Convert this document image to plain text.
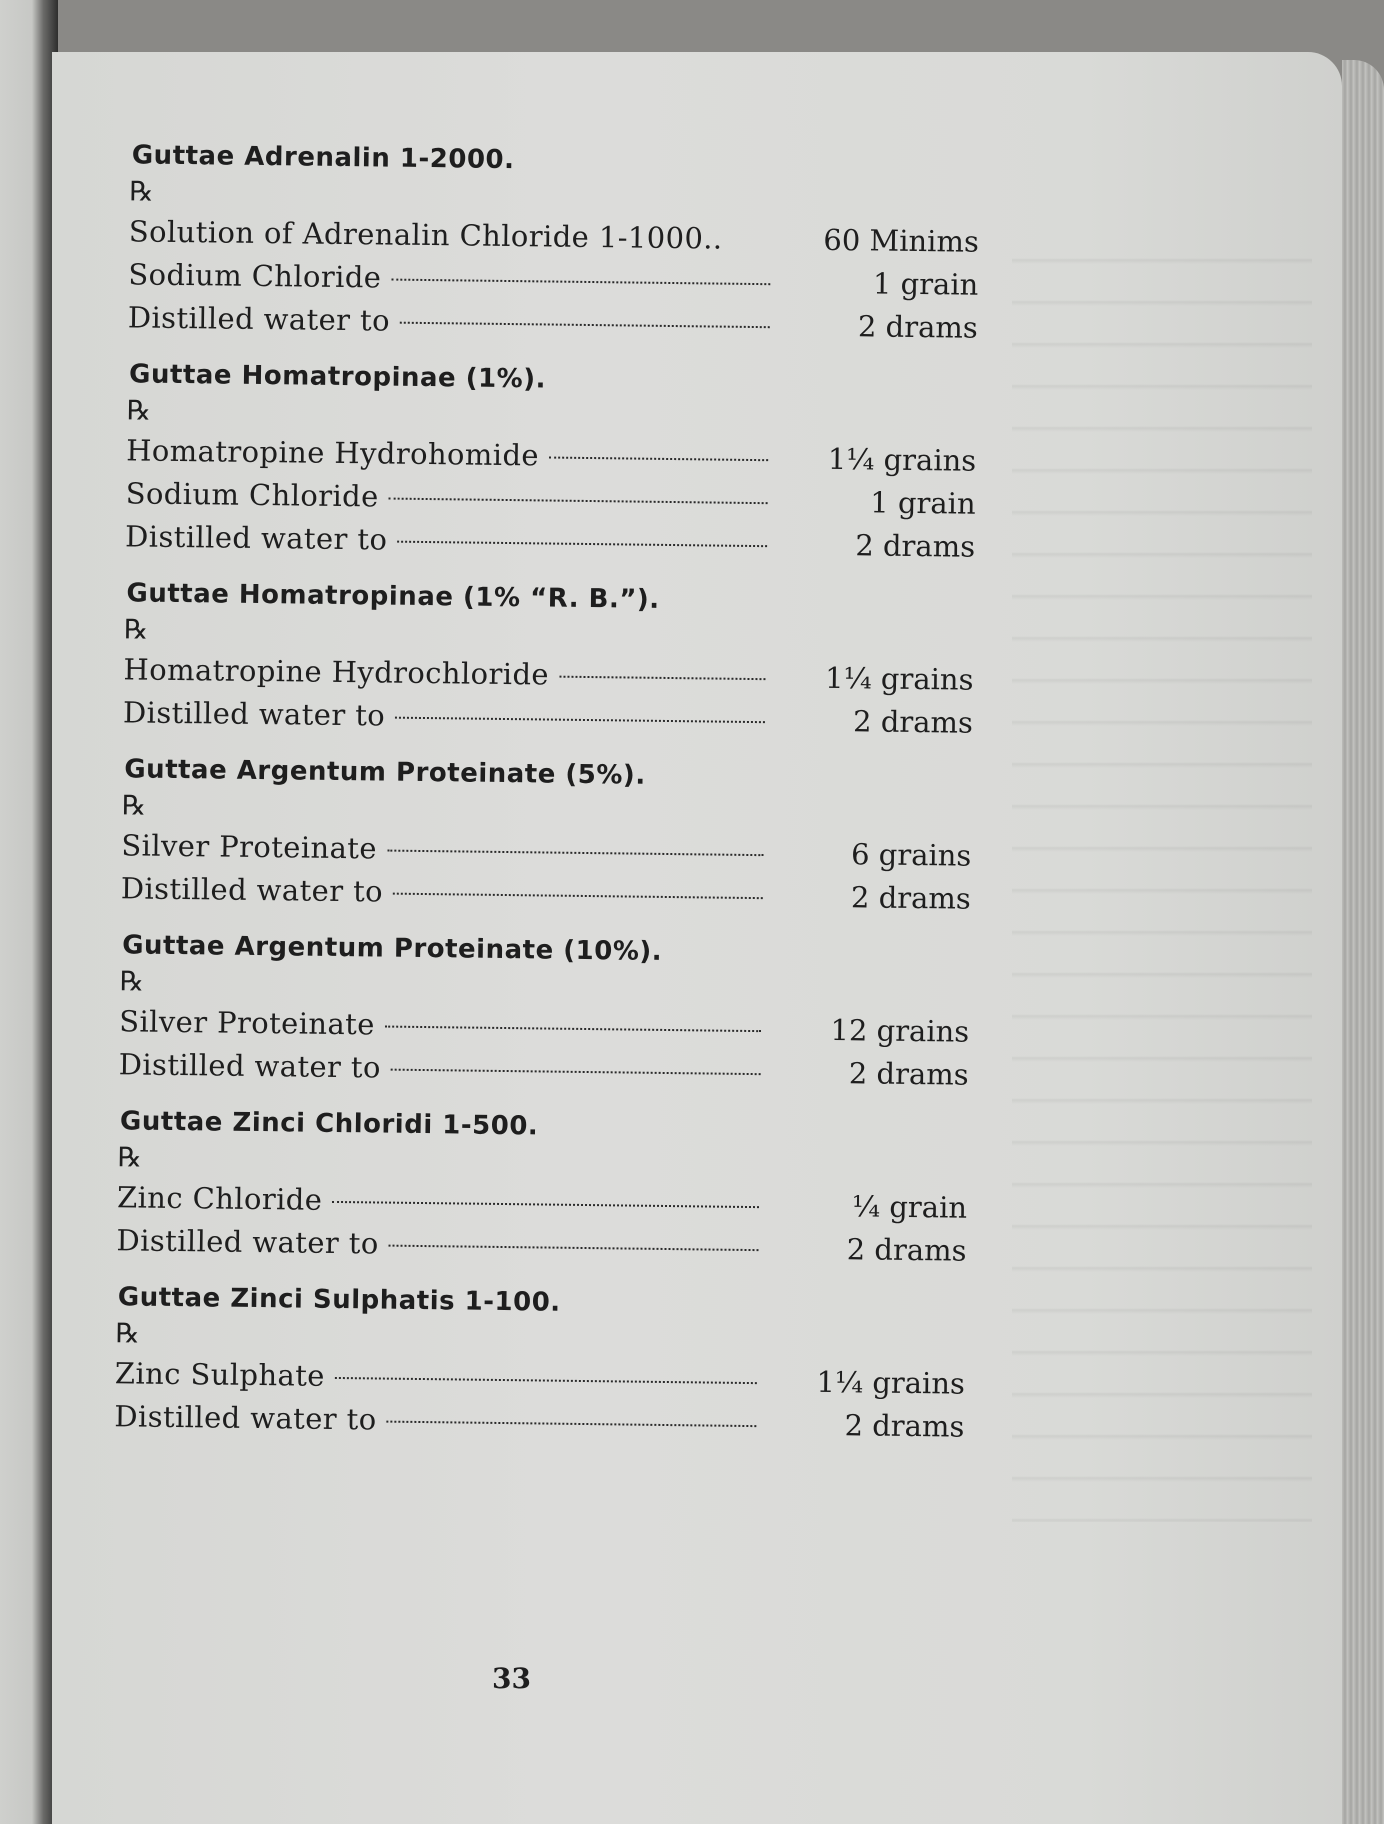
Guttae Adrenalin 1-2000.
℞
Solution of Adrenalin Chloride 1-1000..	60 Minims
Sodium Chloride	1 grain
Distilled water to	2 drams
Guttae Homatropinae (1%).
℞
Homatropine Hydrohomide	1¼ grains
Sodium Chloride	1 grain
Distilled water to	2 drams
Guttae Homatropinae (1% “R. B.”).
℞
Homatropine Hydrochloride	1¼ grains
Distilled water to	2 drams
Guttae Argentum Proteinate (5%).
℞
Silver Proteinate	6 grains
Distilled water to	2 drams
Guttae Argentum Proteinate (10%).
℞
Silver Proteinate	12 grains
Distilled water to	2 drams
Guttae Zinci Chloridi 1-500.
℞
Zinc Chloride	¼ grain
Distilled water to	2 drams
Guttae Zinci Sulphatis 1-100.
℞
Zinc Sulphate	1¼ grains
Distilled water to	2 drams
33
